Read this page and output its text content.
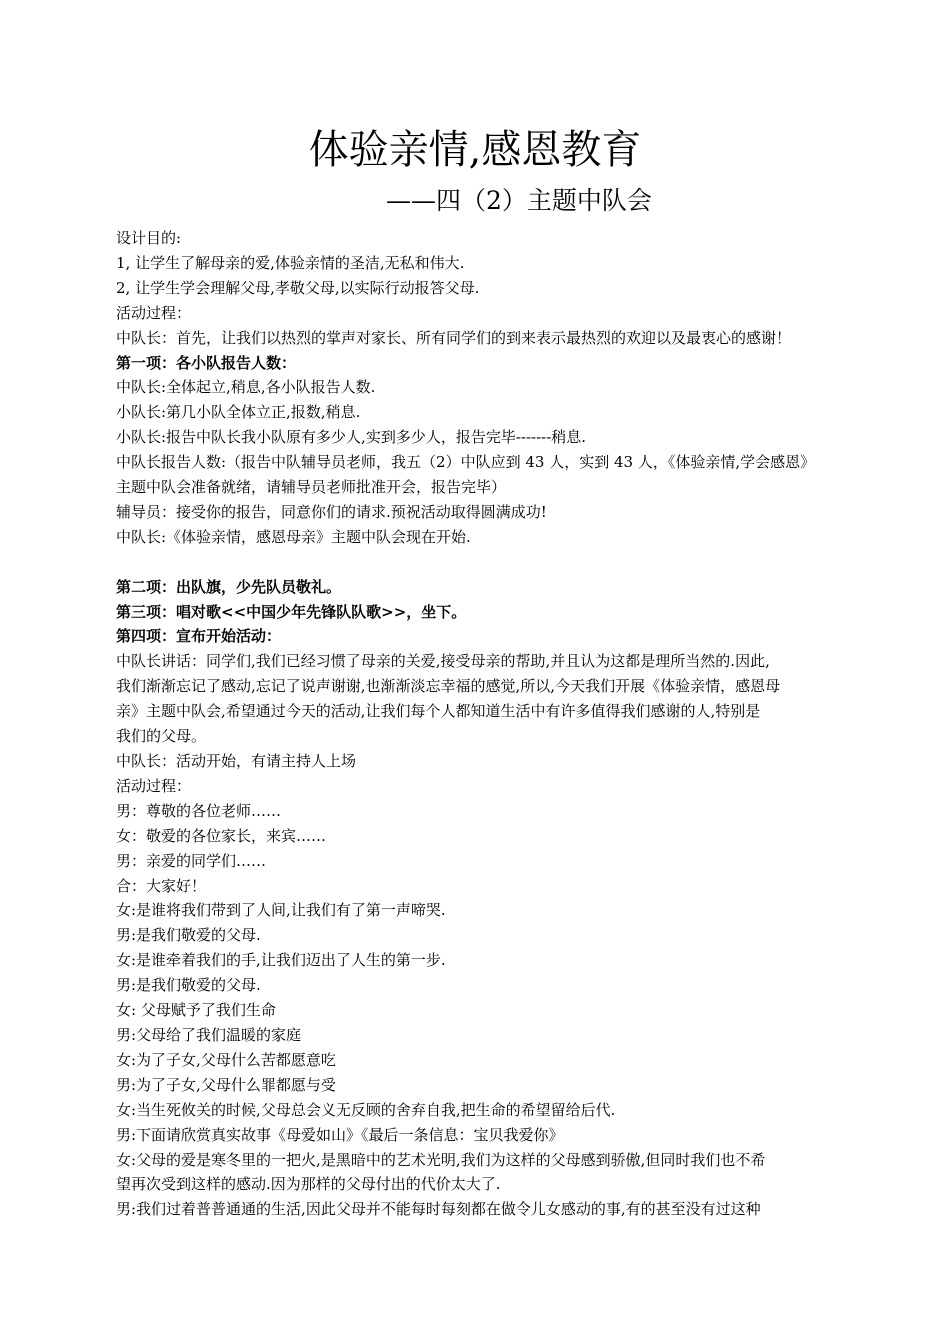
体验亲情,感恩教育
——四（2）主题中队会
设计目的:
1, 让学生了解母亲的爱,体验亲情的圣洁,无私和伟大.
2, 让学生学会理解父母,孝敬父母,以实际行动报答父母.
活动过程：
中队长：首先，让我们以热烈的掌声对家长、所有同学们的到来表示最热烈的欢迎以及最衷心的感谢！
第一项：各小队报告人数：
中队长:全体起立,稍息,各小队报告人数.
小队长:第几小队全体立正,报数,稍息.
小队长:报告中队长我小队原有多少人,实到多少人，报告完毕-------稍息.
中队长报告人数:（报告中队辅导员老师，我五（2）中队应到 43 人，实到 43 人，《体验亲情,学会感恩》
主题中队会准备就绪，请辅导员老师批准开会，报告完毕）
辅导员：接受你的报告，同意你们的请求.预祝活动取得圆满成功!
中队长:《体验亲情，感恩母亲》主题中队会现在开始.
第二项：出队旗，少先队员敬礼。
第三项：唱对歌<<中国少年先锋队队歌>>，坐下。
第四项：宣布开始活动：
中队长讲话：同学们,我们已经习惯了母亲的关爱,接受母亲的帮助,并且认为这都是理所当然的.因此,
我们渐渐忘记了感动,忘记了说声谢谢,也渐渐淡忘幸福的感觉,所以,今天我们开展《体验亲情，感恩母
亲》主题中队会,希望通过今天的活动,让我们每个人都知道生活中有许多值得我们感谢的人,特别是
我们的父母。
中队长：活动开始，有请主持人上场
活动过程：
男：尊敬的各位老师……
女：敬爱的各位家长，来宾……
男：亲爱的同学们……
合：大家好！
女:是谁将我们带到了人间,让我们有了第一声啼哭.
男:是我们敬爱的父母.
女:是谁牵着我们的手,让我们迈出了人生的第一步.
男:是我们敬爱的父母.
女: 父母赋予了我们生命
男:父母给了我们温暖的家庭
女:为了子女,父母什么苦都愿意吃
男:为了子女,父母什么罪都愿与受
女:当生死攸关的时候,父母总会义无反顾的舍弃自我,把生命的希望留给后代.
男:下面请欣赏真实故事《母爱如山》《最后一条信息：宝贝我爱你》
女:父母的爱是寒冬里的一把火,是黑暗中的艺术光明,我们为这样的父母感到骄傲,但同时我们也不希
望再次受到这样的感动.因为那样的父母付出的代价太大了.
男:我们过着普普通通的生活,因此父母并不能每时每刻都在做令儿女感动的事,有的甚至没有过这种
